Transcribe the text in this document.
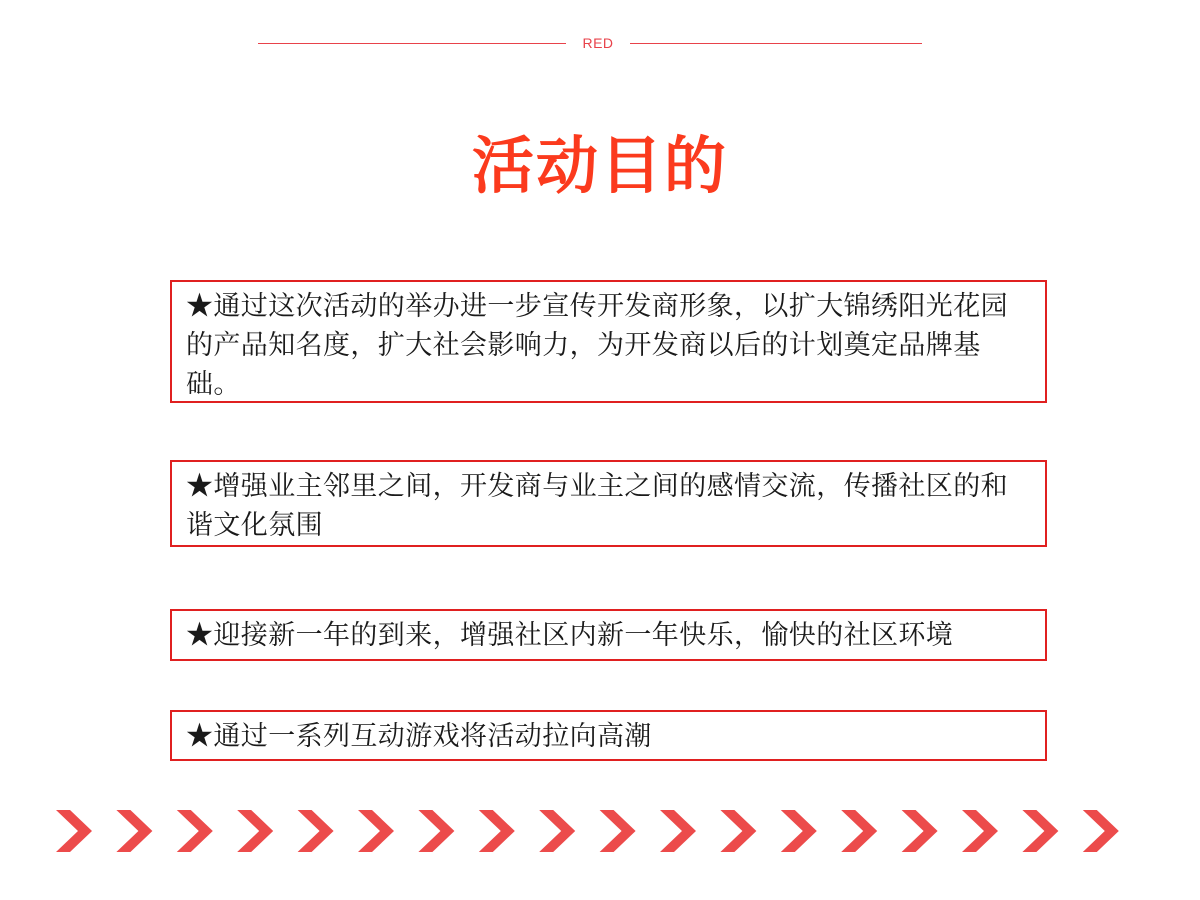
RED
活动目的
★通过这次活动的举办进一步宣传开发商形象，以扩大锦绣阳光花园的产品知名度，扩大社会影响力，为开发商以后的计划奠定品牌基础。
★增强业主邻里之间，开发商与业主之间的感情交流，传播社区的和谐文化氛围
★迎接新一年的到来，增强社区内新一年快乐，愉快的社区环境
★通过一系列互动游戏将活动拉向高潮
